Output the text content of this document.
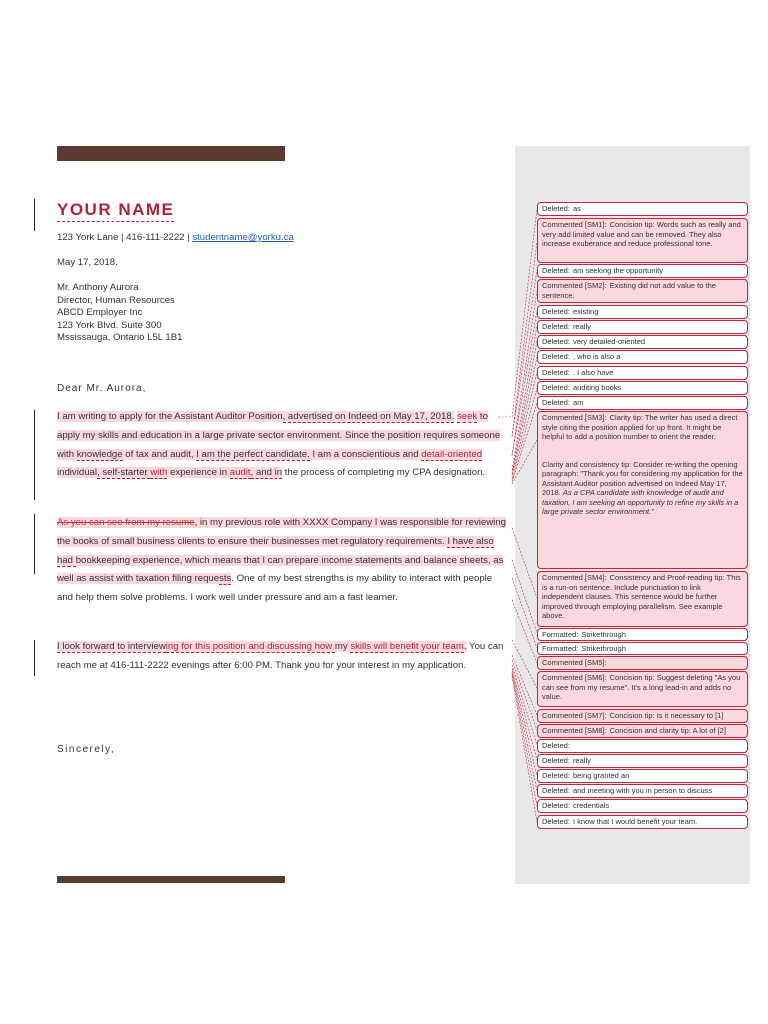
YOUR NAME
123 York Lane | 416-111-2222 | studentname@yorku.ca
May 17, 2018.
Mr. Anthony Aurora
Director, Human Resources
ABCD Employer Inc
123 York Blvd. Suite 300
Mssissauga, Ontario L5L 1B1
Dear Mr. Aurora,
I am writing to apply for the Assistant Auditor Position, advertised on Indeed on May 17, 2018. seek to apply my skills and education in a large private sector environment. Since the position requires someone with knowledge of tax and audit, I am the perfect candidate. I am a conscientious and detail-oriented individual, self-starter with experience in audit, and in the process of completing my CPA designation.
As you can see from my resume, in my previous role with XXXX Company I was responsible for reviewing the books of small business clients to ensure their businesses met regulatory requirements. I have also had bookkeeping experience, which means that I can prepare income statements and balance sheets, as well as assist with taxation filing requests. One of my best strengths is my ability to interact with people and help them solve problems. I work well under pressure and am a fast learner.
I look forward to interviewing for this position and discussing how my skills will benefit your team. You can reach me at 416-111-2222 evenings after 6:00 PM. Thank you for your interest in my application.
Sincerely,
Deleted: as
Commented [SM1]: Concision tip: Words such as really and very add limited value and can be removed. They also increase exuberance and reduce professional tone.
Deleted: am seeking the opportunity
Commented [SM2]: Existing did not add value to the sentence.
Deleted: existing
Deleted: really
Deleted: very detailed-oriented
Deleted: , who is also a
Deleted: . I also have
Deleted: auditing books
Deleted: am
Commented [SM3]: Clarity tip: The writer has used a direct style citing the position applied for up front. It might be helpful to add a position number to orient the reader.
Clarity and consistency tip: Consider re-writing the opening paragraph: "Thank you for considering my application for the Assistant Auditor position advertised on Indeed May 17, 2018. As a CPA candidate with knowledge of audit and taxation, I am seeking an opportunity to refine my skills in a large private sector environment."
Commented [SM4]: Consistency and Proof-reading tip: This is a run-on sentence. Include punctuation to link independent clauses. This sentence would be further improved through employing parallelism. See example above.
Formatted: Strikethrough
Formatted: Strikethrough
Commented [SM5]:
Commented [SM6]: Concision tip: Suggest deleting "As you can see from my resume". It's a long lead-in and adds no value.
Commented [SM7]: Concision tip: Is it necessary to [1]
Commented [SM8]: Concision and clarity tip: A lot of [2]
Deleted:
Deleted: really
Deleted: being granted an
Deleted: and meeting with you in person to discuss
Deleted: credentials
Deleted: I know that I would benefit your team.
